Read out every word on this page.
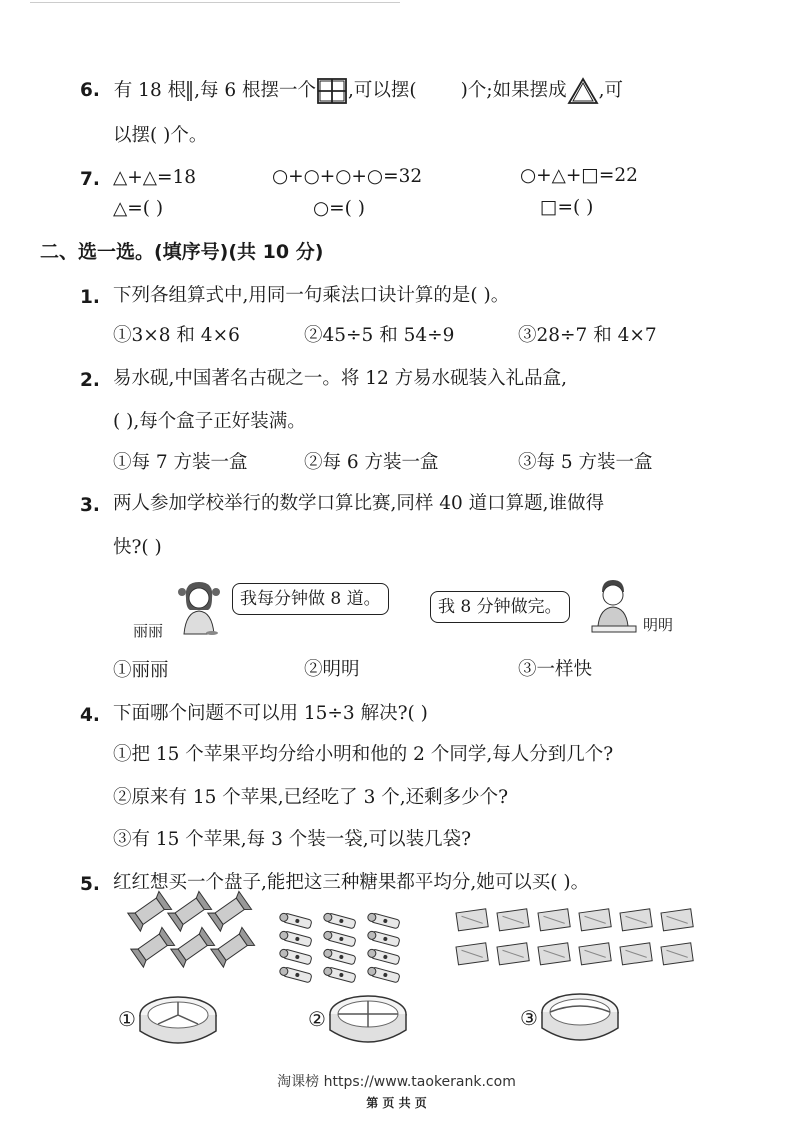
6. 有 18 根 ,每 6 根摆一个 ,可以摆( )个;如果摆成 ,可
以摆( )个。
7. △+△=18	○+○+○+○=32	○+△+□=22
△=( )	○=( )	□=( )
二、选一选。(填序号)(共 10 分)
1. 下列各组算式中,用同一句乘法口诀计算的是( )。
①3×8 和 4×6	②45÷5 和 54÷9	③28÷7 和 4×7
2. 易水砚,中国著名古砚之一。将 12 方易水砚装入礼品盒,
( ),每个盒子正好装满。
①每 7 方装一盒	②每 6 方装一盒	③每 5 方装一盒
3. 两人参加学校举行的数学口算比赛,同样 40 道口算题,谁做得
快?( )
丽丽
我每分钟做 8 道。	我 8 分钟做完。
明明
①丽丽	②明明	③一样快
4. 下面哪个问题不可以用 15÷3 解决?( )
①把 15 个苹果平均分给小明和他的 2 个同学,每人分到几个?
②原来有 15 个苹果,已经吃了 3 个,还剩多少个?
③有 15 个苹果,每 3 个装一袋,可以装几袋?
5. 红红想买一个盘子,能把这三种糖果都平均分,她可以买( )。
①	②	③
淘课榜 https://www.taokerank.com
第 页 共 页
